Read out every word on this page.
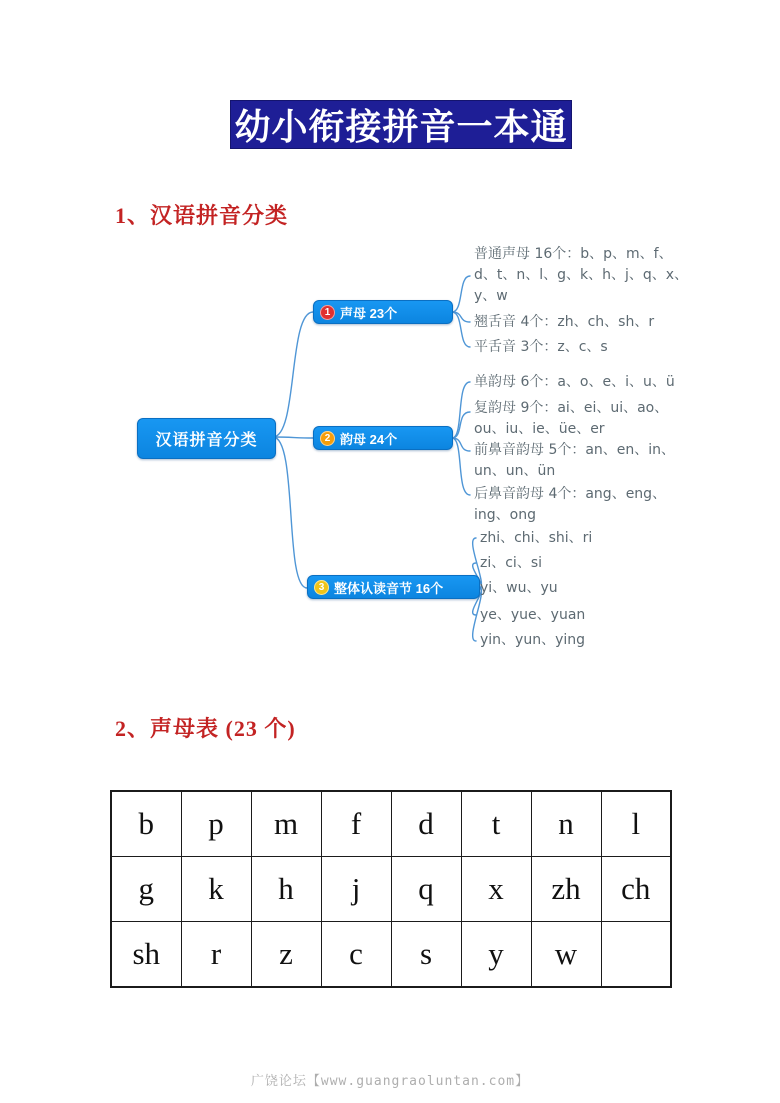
幼小衔接拼音一本通
1、汉语拼音分类
汉语拼音分类
1 声母 23个
2 韵母 24个
3 整体认读音节 16个
普通声母 16个：b、p、m、f、d、t、n、l、g、k、h、j、q、x、y、w
翘舌音 4个：zh、ch、sh、r
平舌音 3个：z、c、s
单韵母 6个：a、o、e、i、u、ü
复韵母 9个：ai、ei、ui、ao、ou、iu、ie、üe、er
前鼻音韵母 5个：an、en、in、un、un、ün
后鼻音韵母 4个：ang、eng、ing、ong
zhi、chi、shi、ri
zi、ci、si
yi、wu、yu
ye、yue、yuan
yin、yun、ying
2、声母表 (23 个)
b	p	m	f	d	t	n	l
g	k	h	j	q	x	zh	ch
sh	r	z	c	s	y	w	
广饶论坛【www.guangraoluntan.com】
